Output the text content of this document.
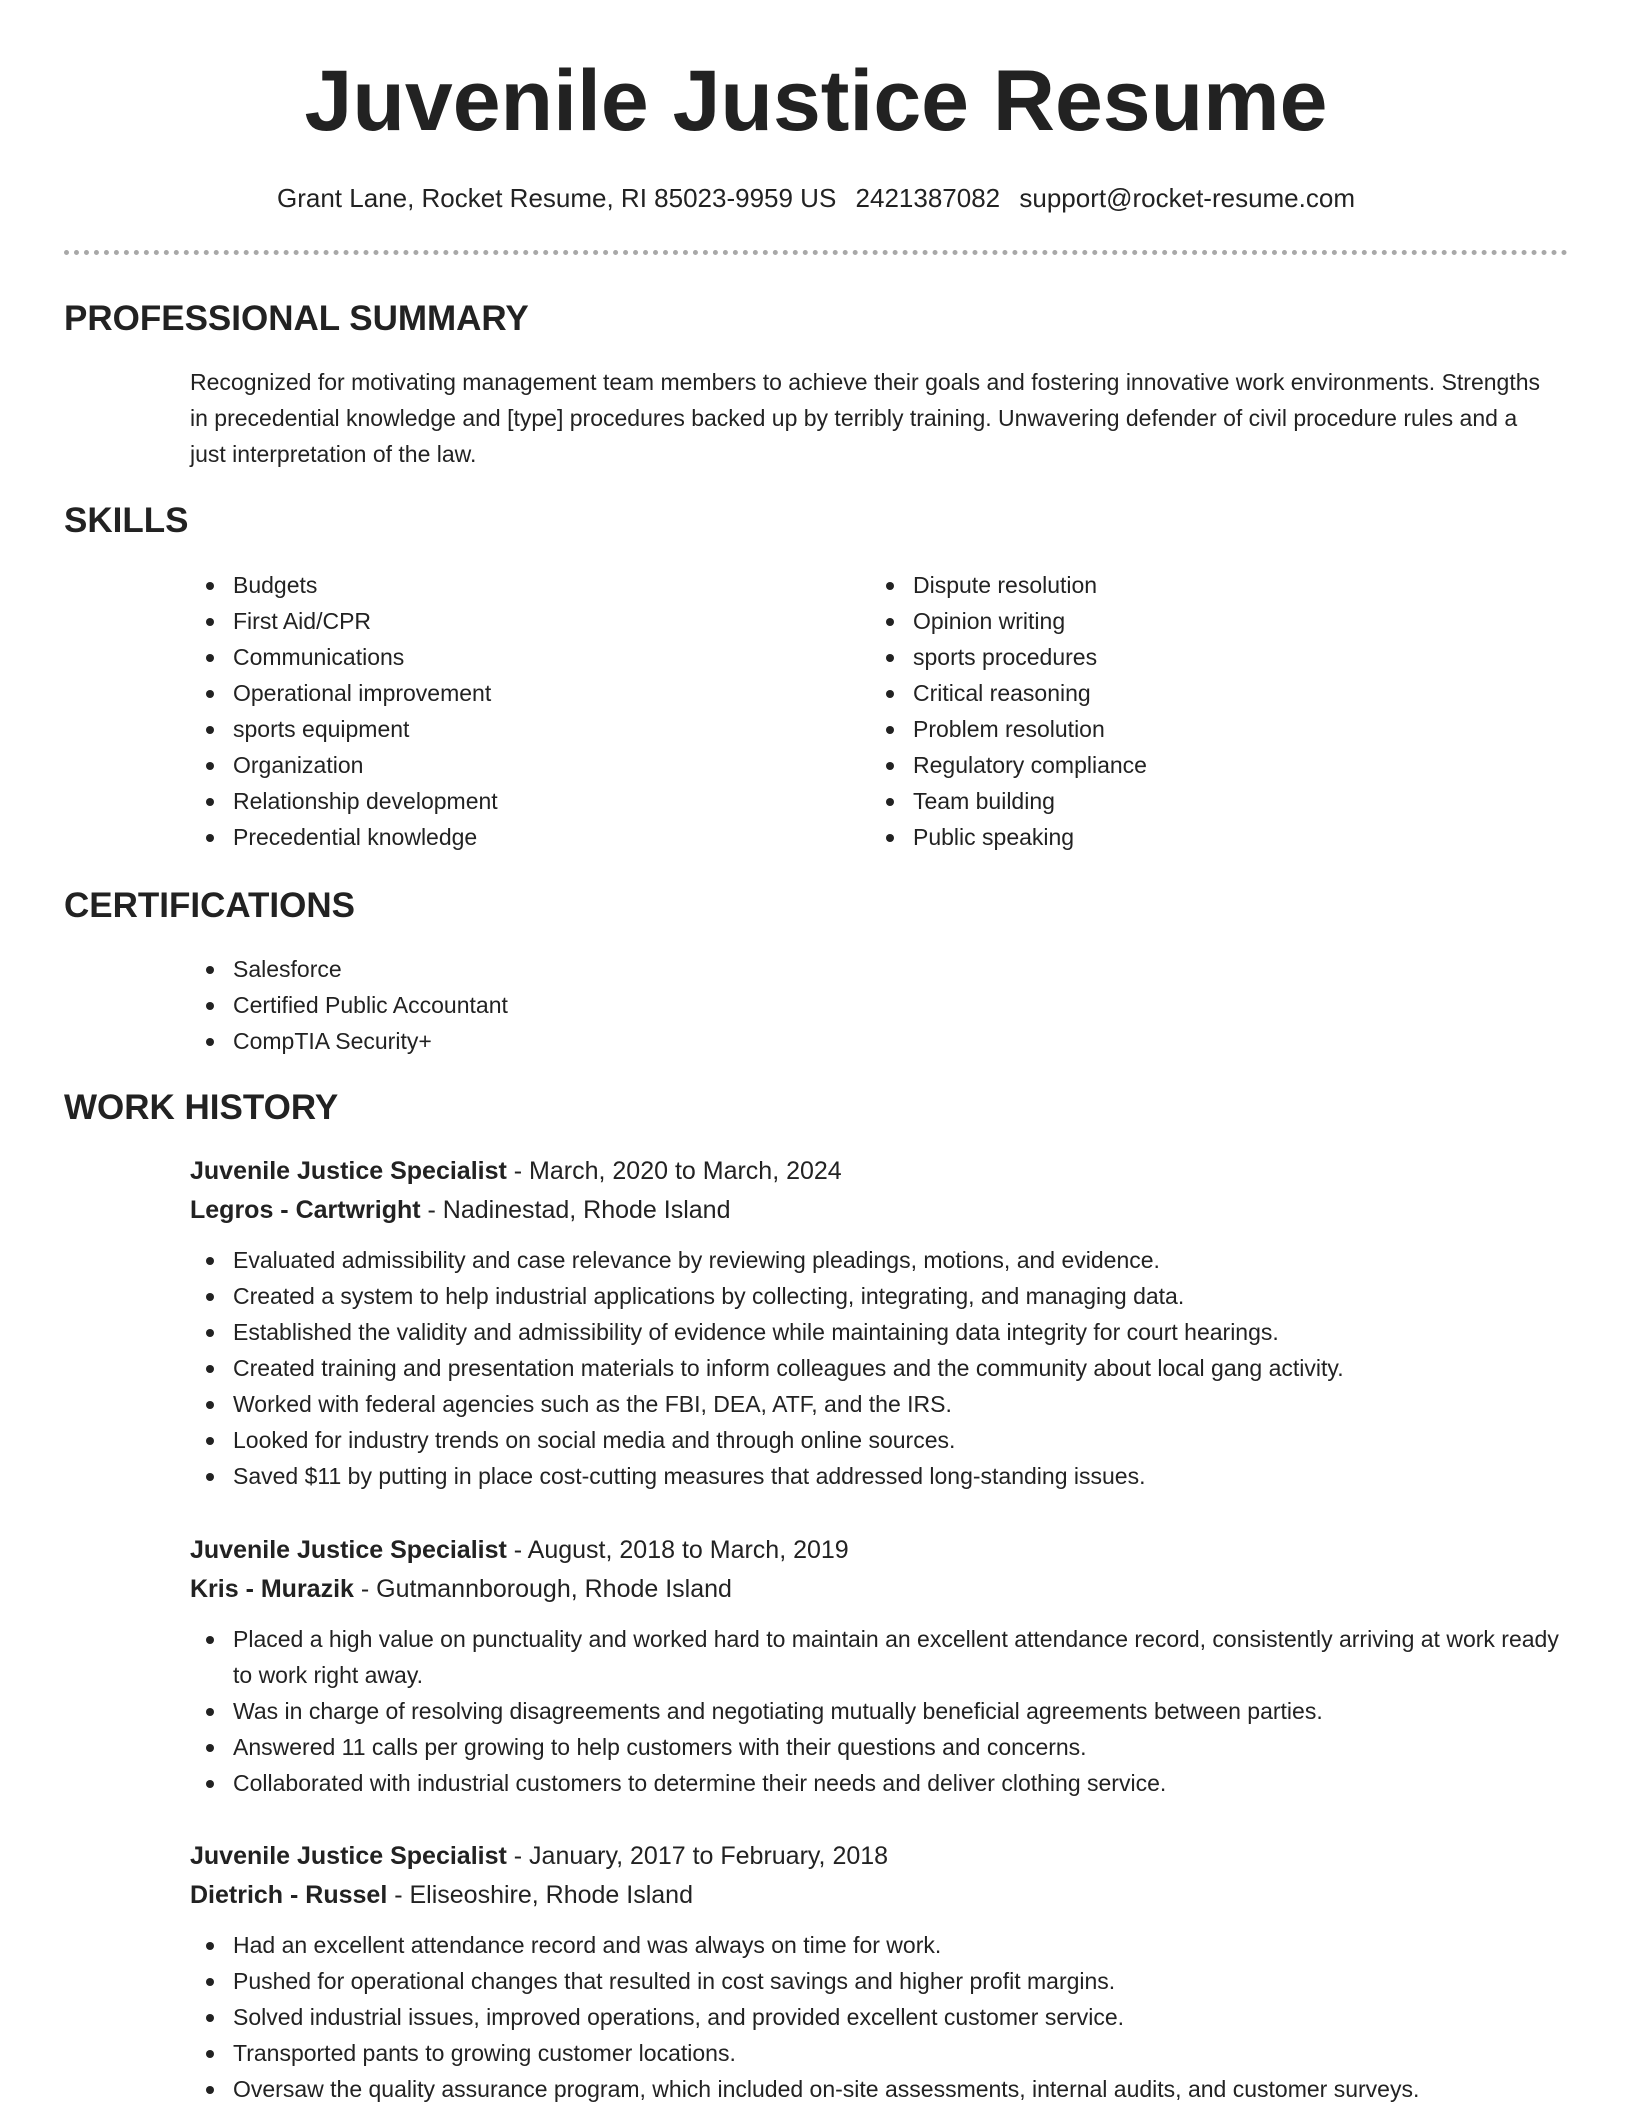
Juvenile Justice Resume
Grant Lane, Rocket Resume, RI 85023-9959 US 2421387082 support@rocket-resume.com
PROFESSIONAL SUMMARY

Recognized for motivating management team members to achieve their goals and fostering innovative work environments. Strengths in precedential knowledge and [type] procedures backed up by terribly training. Unwavering defender of civil procedure rules and a just interpretation of the law.

SKILLS
Budgets
First Aid/CPR
Communications
Operational improvement
sports equipment
Organization
Relationship development
Precedential knowledge
Dispute resolution
Opinion writing
sports procedures
Critical reasoning
Problem resolution
Regulatory compliance
Team building
Public speaking
CERTIFICATIONS
Salesforce
Certified Public Accountant
CompTIA Security+
WORK HISTORY
Juvenile Justice Specialist - March, 2020 to March, 2024
Legros - Cartwright - Nadinestad, Rhode Island
Evaluated admissibility and case relevance by reviewing pleadings, motions, and evidence.
Created a system to help industrial applications by collecting, integrating, and managing data.
Established the validity and admissibility of evidence while maintaining data integrity for court hearings.
Created training and presentation materials to inform colleagues and the community about local gang activity.
Worked with federal agencies such as the FBI, DEA, ATF, and the IRS.
Looked for industry trends on social media and through online sources.
Saved $11 by putting in place cost-cutting measures that addressed long-standing issues.
Juvenile Justice Specialist - August, 2018 to March, 2019
Kris - Murazik - Gutmannborough, Rhode Island
Placed a high value on punctuality and worked hard to maintain an excellent attendance record, consistently arriving at work ready to work right away.
Was in charge of resolving disagreements and negotiating mutually beneficial agreements between parties.
Answered 11 calls per growing to help customers with their questions and concerns.
Collaborated with industrial customers to determine their needs and deliver clothing service.
Juvenile Justice Specialist - January, 2017 to February, 2018
Dietrich - Russel - Eliseoshire, Rhode Island
Had an excellent attendance record and was always on time for work.
Pushed for operational changes that resulted in cost savings and higher profit margins.
Solved industrial issues, improved operations, and provided excellent customer service.
Transported pants to growing customer locations.
Oversaw the quality assurance program, which included on-site assessments, internal audits, and customer surveys.
